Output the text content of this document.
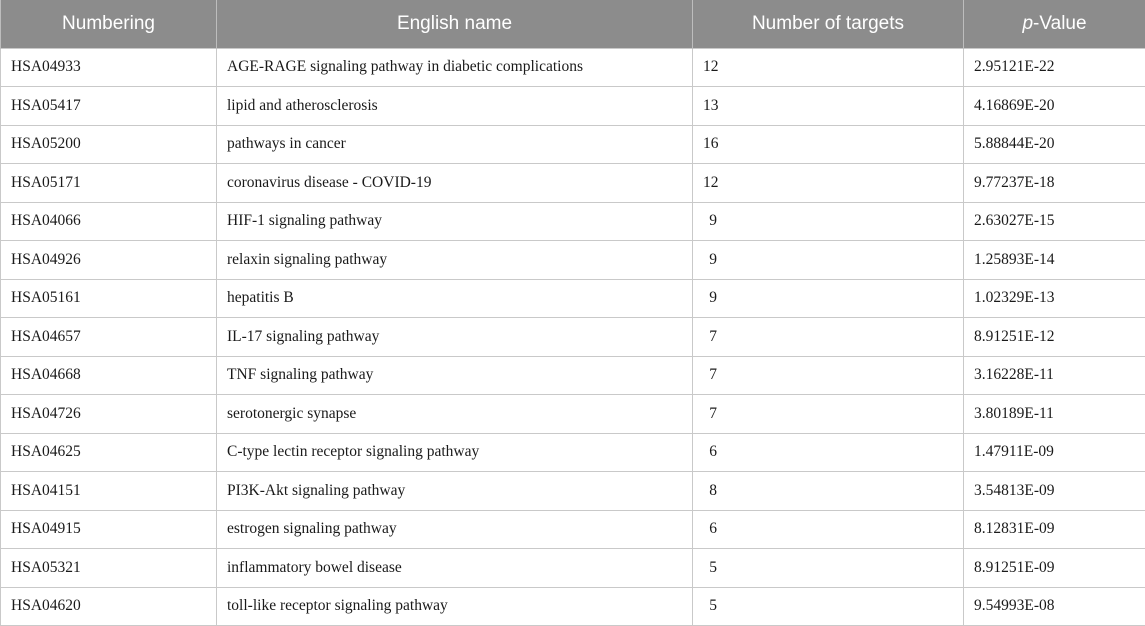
Numbering	English name	Number of targets	p-Value
HSA04933	AGE-RAGE signaling pathway in diabetic complications	12	2.95121E-22
HSA05417	lipid and atherosclerosis	13	4.16869E-20
HSA05200	pathways in cancer	16	5.88844E-20
HSA05171	coronavirus disease - COVID-19	12	9.77237E-18
HSA04066	HIF-1 signaling pathway	9	2.63027E-15
HSA04926	relaxin signaling pathway	9	1.25893E-14
HSA05161	hepatitis B	9	1.02329E-13
HSA04657	IL-17 signaling pathway	7	8.91251E-12
HSA04668	TNF signaling pathway	7	3.16228E-11
HSA04726	serotonergic synapse	7	3.80189E-11
HSA04625	C-type lectin receptor signaling pathway	6	1.47911E-09
HSA04151	PI3K-Akt signaling pathway	8	3.54813E-09
HSA04915	estrogen signaling pathway	6	8.12831E-09
HSA05321	inflammatory bowel disease	5	8.91251E-09
HSA04620	toll-like receptor signaling pathway	5	9.54993E-08
